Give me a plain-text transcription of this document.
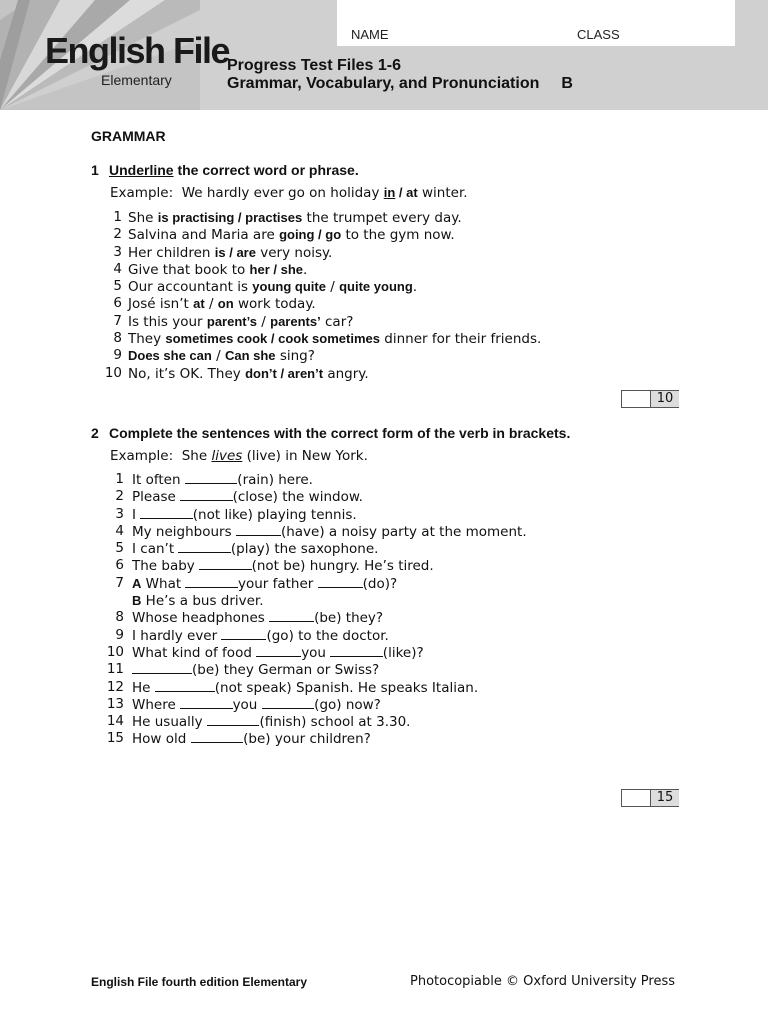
English File
Elementary
NAME	CLASS
Progress Test Files 1-6
Grammar, Vocabulary, and Pronunciation B
GRAMMAR
1 Underline the correct word or phrase.
Example: We hardly ever go on holiday in / at winter.
1 She is practising / practises the trumpet every day.
2 Salvina and Maria are going / go to the gym now.
3 Her children is / are very noisy.
4 Give that book to her / she.
5 Our accountant is young quite / quite young.
6 José isn’t at / on work today.
7 Is this your parent’s / parents’ car?
8 They sometimes cook / cook sometimes dinner for their friends.
9 Does she can / Can she sing?
10 No, it’s OK. They don’t / aren’t angry.
10
2 Complete the sentences with the correct form of the verb in brackets.
Example: She lives (live) in New York.
1 It often	(rain) here.
2 Please	(close) the window.
3 I	(not like) playing tennis.
4 My neighbours	(have) a noisy party at the moment.
5 I can’t	(play) the saxophone.
6 The baby	(not be) hungry. He’s tired.
7 A What	your father	(do)?
B He’s a bus driver.
8 Whose headphones	(be) they?
9 I hardly ever	(go) to the doctor.
10 What kind of food	you	(like)?
11	(be) they German or Swiss?
12 He	(not speak) Spanish. He speaks Italian.
13 Where	you	(go) now?
14 He usually	(finish) school at 3.30.
15 How old	(be) your children?
15
English File fourth edition Elementary	Photocopiable © Oxford University Press
